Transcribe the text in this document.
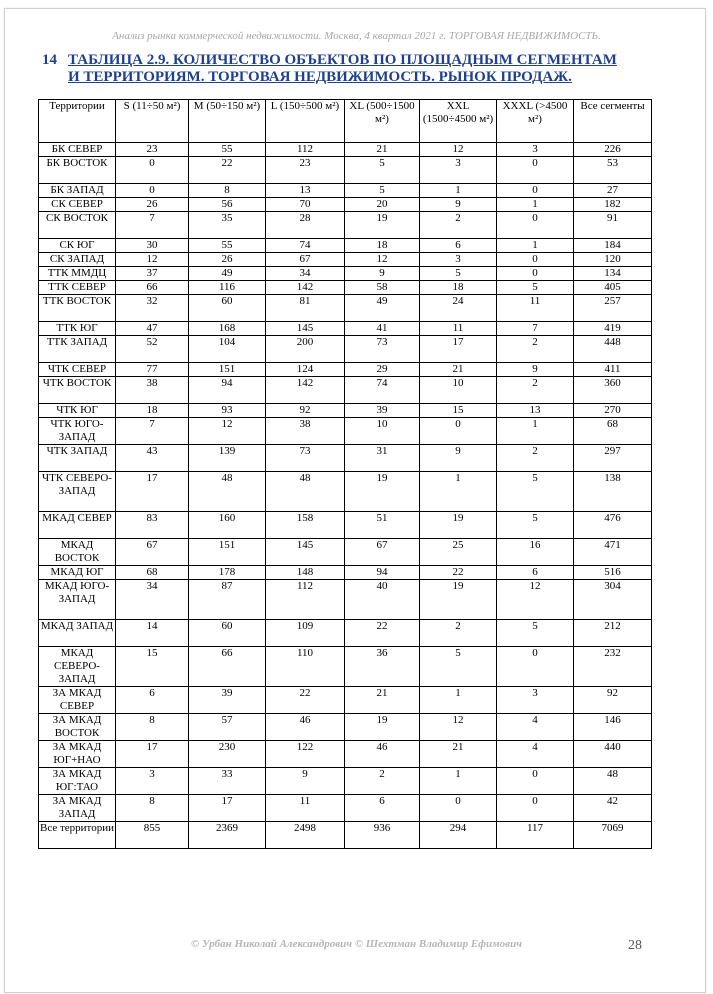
Анализ рынка коммерческой недвижимости. Москва, 4 квартал 2021 г. ТОРГОВАЯ НЕДВИЖИМОСТЬ.
14 ТАБЛИЦА 2.9. КОЛИЧЕСТВО ОБЪЕКТОВ ПО ПЛОЩАДНЫМ СЕГМЕНТАМ И ТЕРРИТОРИЯМ. ТОРГОВАЯ НЕДВИЖИМОСТЬ. РЫНОК ПРОДАЖ.
Территории	S (11÷50 м²)	M (50÷150 м²)	L (150÷500 м²)	XL (500÷1500 м²)	XXL (1500÷4500 м²)	XXXL (>4500 м²)	Все сегменты
БК СЕВЕР	23	55	112	21	12	3	226
БК ВОСТОК	0	22	23	5	3	0	53
БК ЗАПАД	0	8	13	5	1	0	27
СК СЕВЕР	26	56	70	20	9	1	182
СК ВОСТОК	7	35	28	19	2	0	91
СК ЮГ	30	55	74	18	6	1	184
СК ЗАПАД	12	26	67	12	3	0	120
ТТК ММДЦ	37	49	34	9	5	0	134
ТТК СЕВЕР	66	116	142	58	18	5	405
ТТК ВОСТОК	32	60	81	49	24	11	257
ТТК ЮГ	47	168	145	41	11	7	419
ТТК ЗАПАД	52	104	200	73	17	2	448
ЧТК СЕВЕР	77	151	124	29	21	9	411
ЧТК ВОСТОК	38	94	142	74	10	2	360
ЧТК ЮГ	18	93	92	39	15	13	270
ЧТК ЮГО-ЗАПАД	7	12	38	10	0	1	68
ЧТК ЗАПАД	43	139	73	31	9	2	297
ЧТК СЕВЕРО-ЗАПАД	17	48	48	19	1	5	138
МКАД СЕВЕР	83	160	158	51	19	5	476
МКАД ВОСТОК	67	151	145	67	25	16	471
МКАД ЮГ	68	178	148	94	22	6	516
МКАД ЮГО-ЗАПАД	34	87	112	40	19	12	304
МКАД ЗАПАД	14	60	109	22	2	5	212
МКАД СЕВЕРО-ЗАПАД	15	66	110	36	5	0	232
ЗА МКАД СЕВЕР	6	39	22	21	1	3	92
ЗА МКАД ВОСТОК	8	57	46	19	12	4	146
ЗА МКАД ЮГ+НАО	17	230	122	46	21	4	440
ЗА МКАД ЮГ:ТАО	3	33	9	2	1	0	48
ЗА МКАД ЗАПАД	8	17	11	6	0	0	42
Все территории	855	2369	2498	936	294	117	7069
© Урбан Николай Александрович © Шехтман Владимир Ефимович	28
